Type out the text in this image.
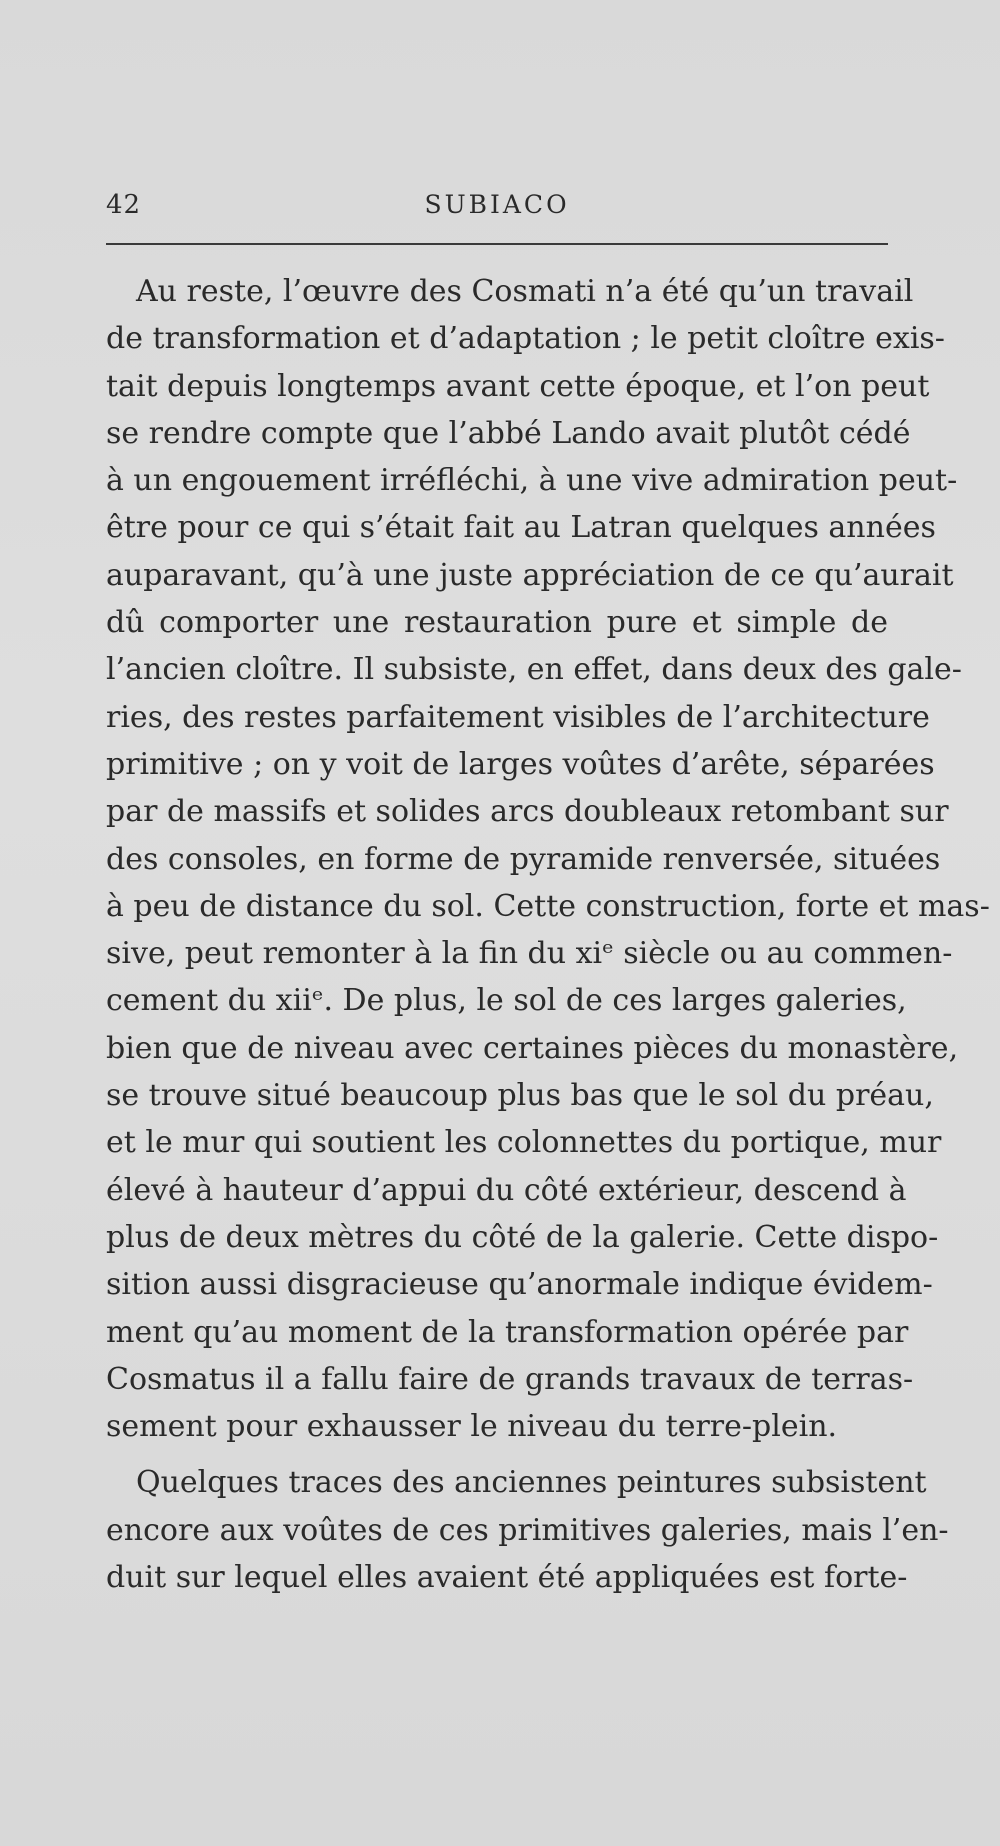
42	SUBIACO
Au reste, l’œuvre des Cosmati n’a été qu’un travail
de transformation et d’adaptation ; le petit cloître exis-
tait depuis longtemps avant cette époque, et l’on peut
se rendre compte que l’abbé Lando avait plutôt cédé
à un engouement irréfléchi, à une vive admiration peut-
être pour ce qui s’était fait au Latran quelques années
auparavant, qu’à une juste appréciation de ce qu’aurait
dû comporter une restauration pure et simple de
l’ancien cloître. Il subsiste, en effet, dans deux des gale-
ries, des restes parfaitement visibles de l’architecture
primitive ; on y voit de larges voûtes d’arête, séparées
par de massifs et solides arcs doubleaux retombant sur
des consoles, en forme de pyramide renversée, situées
à peu de distance du sol. Cette construction, forte et mas-
sive, peut remonter à la fin du xiᵉ siècle ou au commen-
cement du xiiᵉ. De plus, le sol de ces larges galeries,
bien que de niveau avec certaines pièces du monastère,
se trouve situé beaucoup plus bas que le sol du préau,
et le mur qui soutient les colonnettes du portique, mur
élevé à hauteur d’appui du côté extérieur, descend à
plus de deux mètres du côté de la galerie. Cette dispo-
sition aussi disgracieuse qu’anormale indique évidem-
ment qu’au moment de la transformation opérée par
Cosmatus il a fallu faire de grands travaux de terras-
sement pour exhausser le niveau du terre-plein.
Quelques traces des anciennes peintures subsistent
encore aux voûtes de ces primitives galeries, mais l’en-
duit sur lequel elles avaient été appliquées est forte-
